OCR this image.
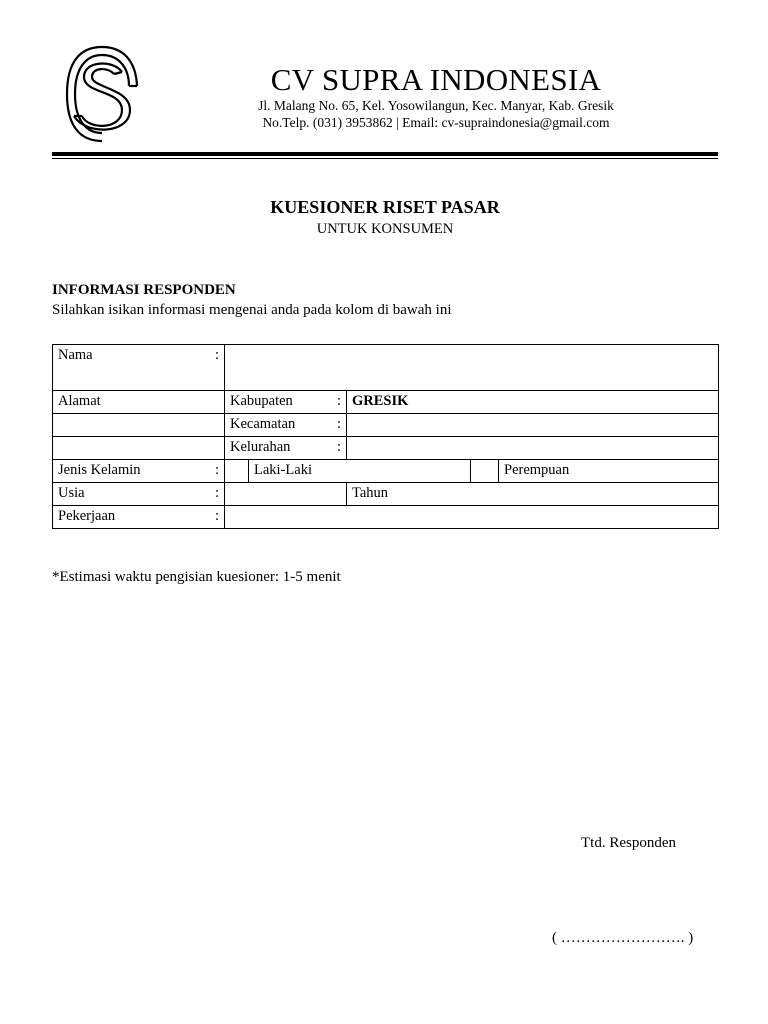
CV SUPRA INDONESIA
Jl. Malang No. 65, Kel. Yosowilangun, Kec. Manyar, Kab. Gresik
No.Telp. (031) 3953862 | Email: cv-supraindonesia@gmail.com
KUESIONER RISET PASAR
UNTUK KONSUMEN
INFORMASI RESPONDEN
Silahkan isikan informasi mengenai anda pada kolom di bawah ini
Nama :					

Alamat	Kabupaten :		GRESIK		
	Kecamatan :				

	Kelurahan :				

Jenis Kelamin :		Laki-Laki			Perempuan
Usia :			Tahun		
Pekerjaan :					

*Estimasi waktu pengisian kuesioner: 1-5 menit
Ttd. Responden
( ……………………. )
